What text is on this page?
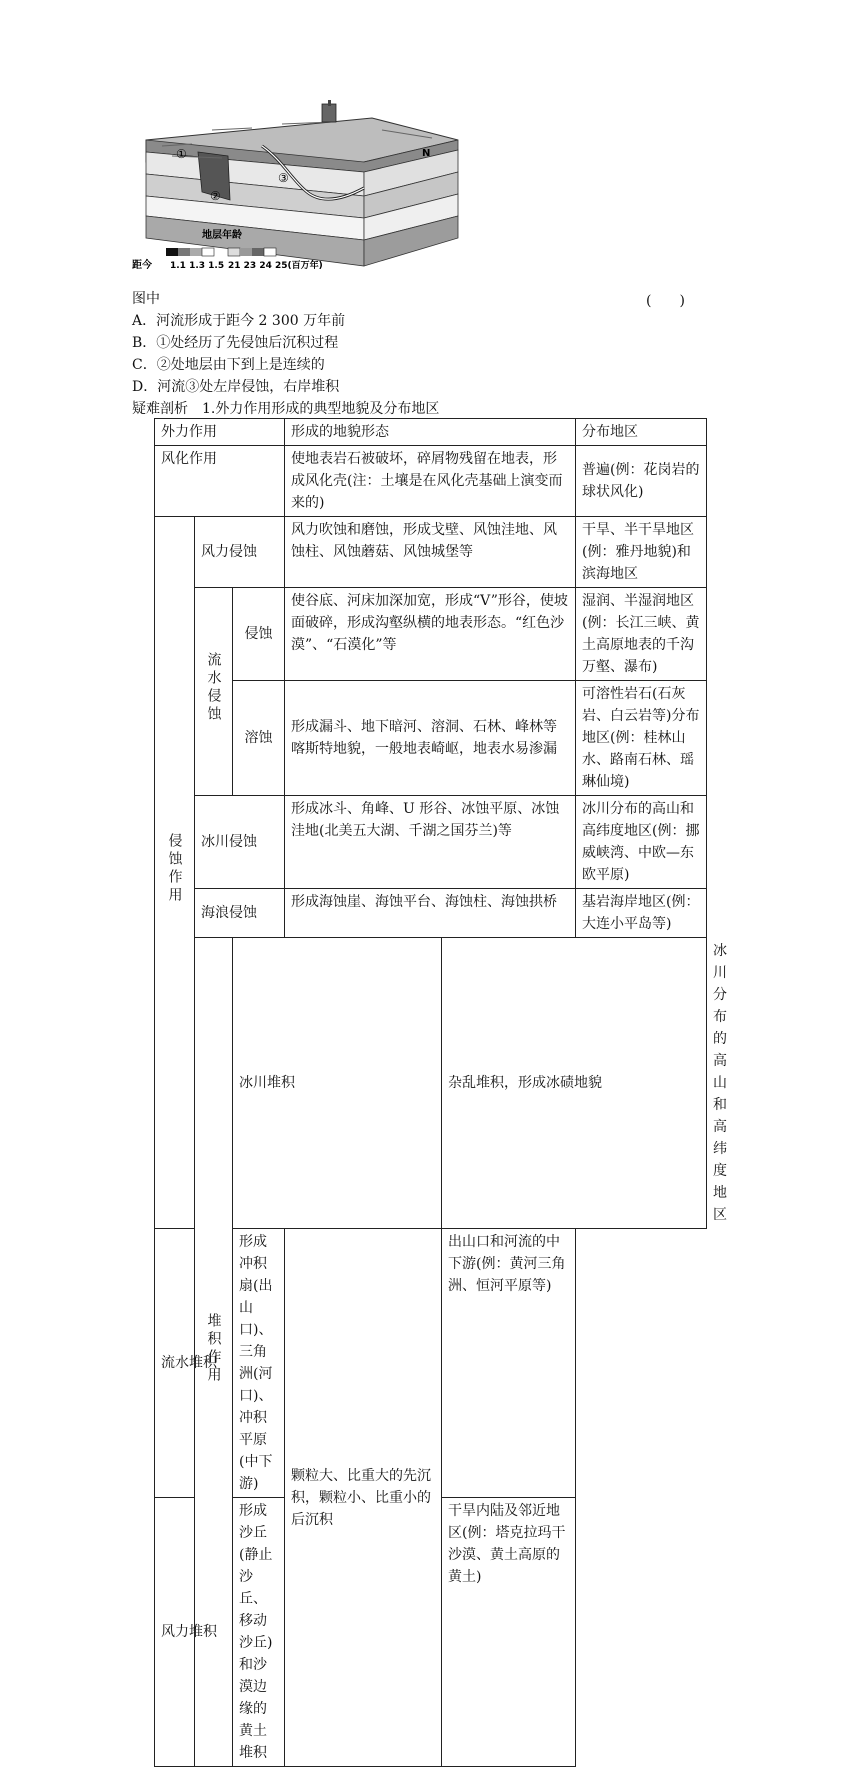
①
②
③
N
地层年龄
距今 1.1 1.3 1.5 21 23 24 25(百万年)
图中	(　　)
A．河流形成于距今 2 300 万年前
B．①处经历了先侵蚀后沉积过程
C．②处地层由下到上是连续的
D．河流③处左岸侵蚀，右岸堆积
疑难剖析　1.外力作用形成的典型地貌及分布地区
外力作用			形成的地貌形态		分布地区	
风化作用			使地表岩石被破坏，碎屑物残留在地表，形成风化壳(注：土壤是在风化壳基础上演变而来的)		普遍(例：花岗岩的球状风化)	
侵蚀作用	风力侵蚀		风力吹蚀和磨蚀，形成戈壁、风蚀洼地、风蚀柱、风蚀蘑菇、风蚀城堡等		干旱、半干旱地区(例：雅丹地貌)和滨海地区	
	流水侵蚀	侵蚀	使谷底、河床加深加宽，形成“V”形谷，使坡面破碎，形成沟壑纵横的地表形态。“红色沙漠”、“石漠化”等		湿润、半湿润地区(例：长江三峡、黄土高原地表的千沟万壑、瀑布)	
		溶蚀	形成漏斗、地下暗河、溶洞、石林、峰林等喀斯特地貌，一般地表崎岖，地表水易渗漏		可溶性岩石(石灰岩、白云岩等)分布地区(例：桂林山水、路南石林、瑶琳仙境)	
	冰川侵蚀		形成冰斗、角峰、U 形谷、冰蚀平原、冰蚀洼地(北美五大湖、千湖之国芬兰)等		冰川分布的高山和高纬度地区(例：挪威峡湾、中欧—东欧平原)	
	海浪侵蚀		形成海蚀崖、海蚀平台、海蚀柱、海蚀拱桥		基岩海岸地区(例：大连小平岛等)	
	堆积作用	冰川堆积		杂乱堆积，形成冰碛地貌		冰川分布的高山和高纬度地区
流水堆积		形成冲积扇(出山口)、三角洲(河口)、冲积平原(中下游)	颗粒大、比重大的先沉积，颗粒小、比重小的后沉积	出山口和河流的中下游(例：黄河三角洲、恒河平原等)		
风力堆积		形成沙丘(静止沙丘、移动沙丘)和沙漠边缘的黄土堆积		干旱内陆及邻近地区(例：塔克拉玛干沙漠、黄土高原的黄土)		
